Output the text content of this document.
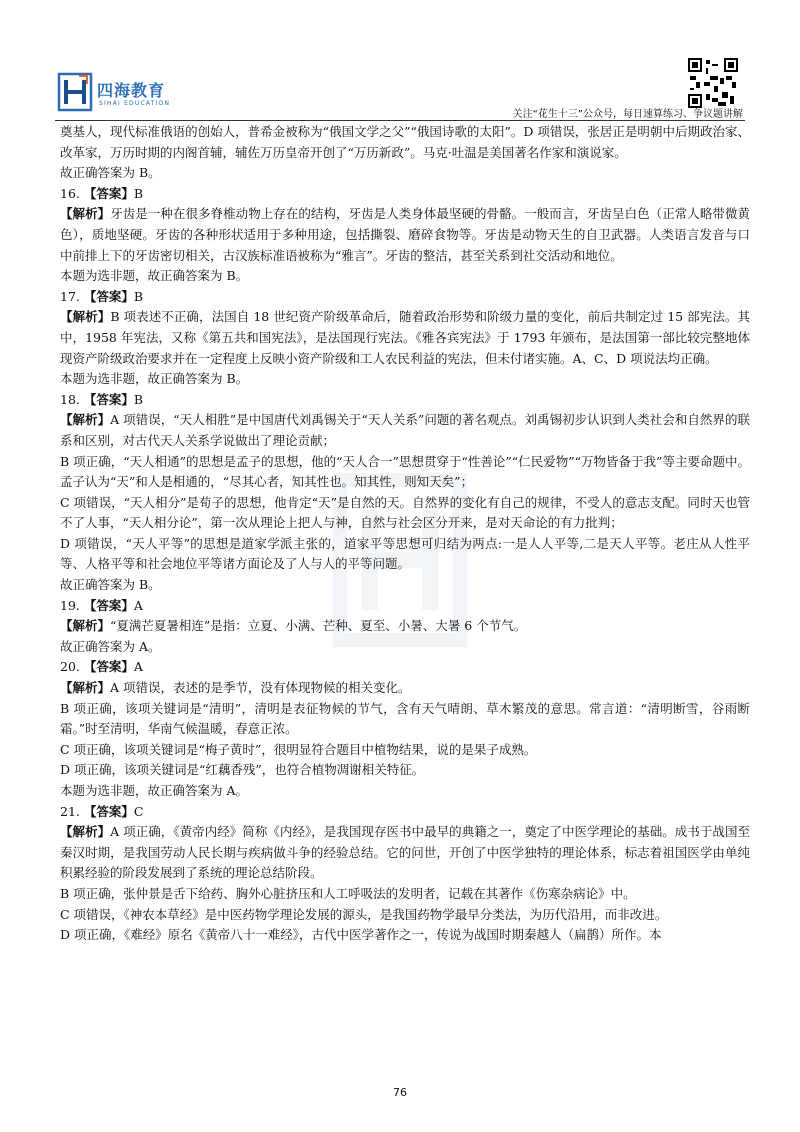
四海教育
SIHAI EDUCATION
关注“花生十三”公众号，每日速算练习、争议题讲解

奠基人，现代标准俄语的创始人，普希金被称为“俄国文学之父”“俄国诗歌的太阳”。D 项错误，张居正是明朝中后期政治家、改革家，万历时期的内阁首辅，辅佐万历皇帝开创了“万历新政”。马克·吐温是美国著名作家和演说家。

故正确答案为 B。

16. 【答案】B

【解析】牙齿是一种在很多脊椎动物上存在的结构，牙齿是人类身体最坚硬的骨骼。一般而言，牙齿呈白色（正常人略带微黄色），质地坚硬。牙齿的各种形状适用于多种用途，包括撕裂、磨碎食物等。牙齿是动物天生的自卫武器。人类语言发音与口中前排上下的牙齿密切相关，古汉族标准语被称为“雅言”。牙齿的整洁，甚至关系到社交活动和地位。

本题为选非题，故正确答案为 B。

17. 【答案】B

【解析】B 项表述不正确，法国自 18 世纪资产阶级革命后，随着政治形势和阶级力量的变化，前后共制定过 15 部宪法。其中，1958 年宪法，又称《第五共和国宪法》，是法国现行宪法。《雅各宾宪法》于 1793 年颁布，是法国第一部比较完整地体现资产阶级政治要求并在一定程度上反映小资产阶级和工人农民利益的宪法，但未付诸实施。A、C、D 项说法均正确。

本题为选非题，故正确答案为 B。

18. 【答案】B

【解析】A 项错误，“天人相胜”是中国唐代刘禹锡关于“天人关系”问题的著名观点。刘禹锡初步认识到人类社会和自然界的联系和区别，对古代天人关系学说做出了理论贡献；

B 项正确，“天人相通”的思想是孟子的思想，他的“天人合一”思想贯穿于“性善论”“仁民爱物”“万物皆备于我”等主要命题中。孟子认为“天”和人是相通的，“尽其心者，知其性也。知其性，则知天矣”；

C 项错误，“天人相分”是荀子的思想，他肯定“天”是自然的天。自然界的变化有自己的规律，不受人的意志支配。同时天也管不了人事，“天人相分论”，第一次从理论上把人与神，自然与社会区分开来，是对天命论的有力批判；

D 项错误，“天人平等”的思想是道家学派主张的，道家平等思想可归结为两点:一是人人平等,二是天人平等。老庄从人性平等、人格平等和社会地位平等诸方面论及了人与人的平等问题。

故正确答案为 B。

19. 【答案】A

【解析】“夏满芒夏暑相连”是指：立夏、小满、芒种、夏至、小暑、大暑 6 个节气。

故正确答案为 A。

20. 【答案】A

【解析】A 项错误，表述的是季节，没有体现物候的相关变化。

B 项正确，该项关键词是“清明”，清明是表征物候的节气，含有天气晴朗、草木繁茂的意思。常言道：“清明断雪，谷雨断霜。”时至清明，华南气候温暖，春意正浓。

C 项正确，该项关键词是“梅子黄时”，很明显符合题目中植物结果，说的是果子成熟。

D 项正确，该项关键词是“红藕香残”，也符合植物凋谢相关特征。

本题为选非题，故正确答案为 A。

21. 【答案】C

【解析】A 项正确，《黄帝内经》简称《内经》，是我国现存医书中最早的典籍之一，奠定了中医学理论的基础。成书于战国至秦汉时期，是我国劳动人民长期与疾病做斗争的经验总结。它的问世，开创了中医学独特的理论体系，标志着祖国医学由单纯积累经验的阶段发展到了系统的理论总结阶段。

B 项正确，张仲景是舌下给药、胸外心脏挤压和人工呼吸法的发明者，记载在其著作《伤寒杂病论》中。

C 项错误，《神农本草经》是中医药物学理论发展的源头，是我国药物学最早分类法，为历代沿用，而非改进。

D 项正确，《难经》原名《黄帝八十一难经》，古代中医学著作之一，传说为战国时期秦越人（扁鹊）所作。本

76
